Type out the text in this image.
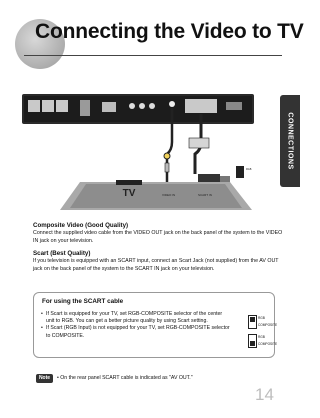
Connecting the Video to TV
CONNECTIONS
TV	VIDEO IN	SCART IN
RGB
Composite Video (Good Quality)

Connect the supplied video cable from the VIDEO OUT jack on the back panel of the system to the VIDEO IN jack on your television.

Scart (Best Quality)

If you television is equipped with an SCART input, connect an Scart Jack (not supplied) from the AV OUT jack on the back panel of the system to the SCART IN jack on your television.

For using the SCART cable
• If Scart is equipped for your TV, set RGB-COMPOSITE selector of the center unit to RGB. You can get a better picture quality by using Scart setting.
• If Scart (RGB Input) is not equipped for your TV, set RGB-COMPOSITE selector to COMPOSITE.
RGB
COMPOSITE
RGB
COMPOSITE
Note	• On the rear panel SCART cable is indicated as "AV OUT."
14
